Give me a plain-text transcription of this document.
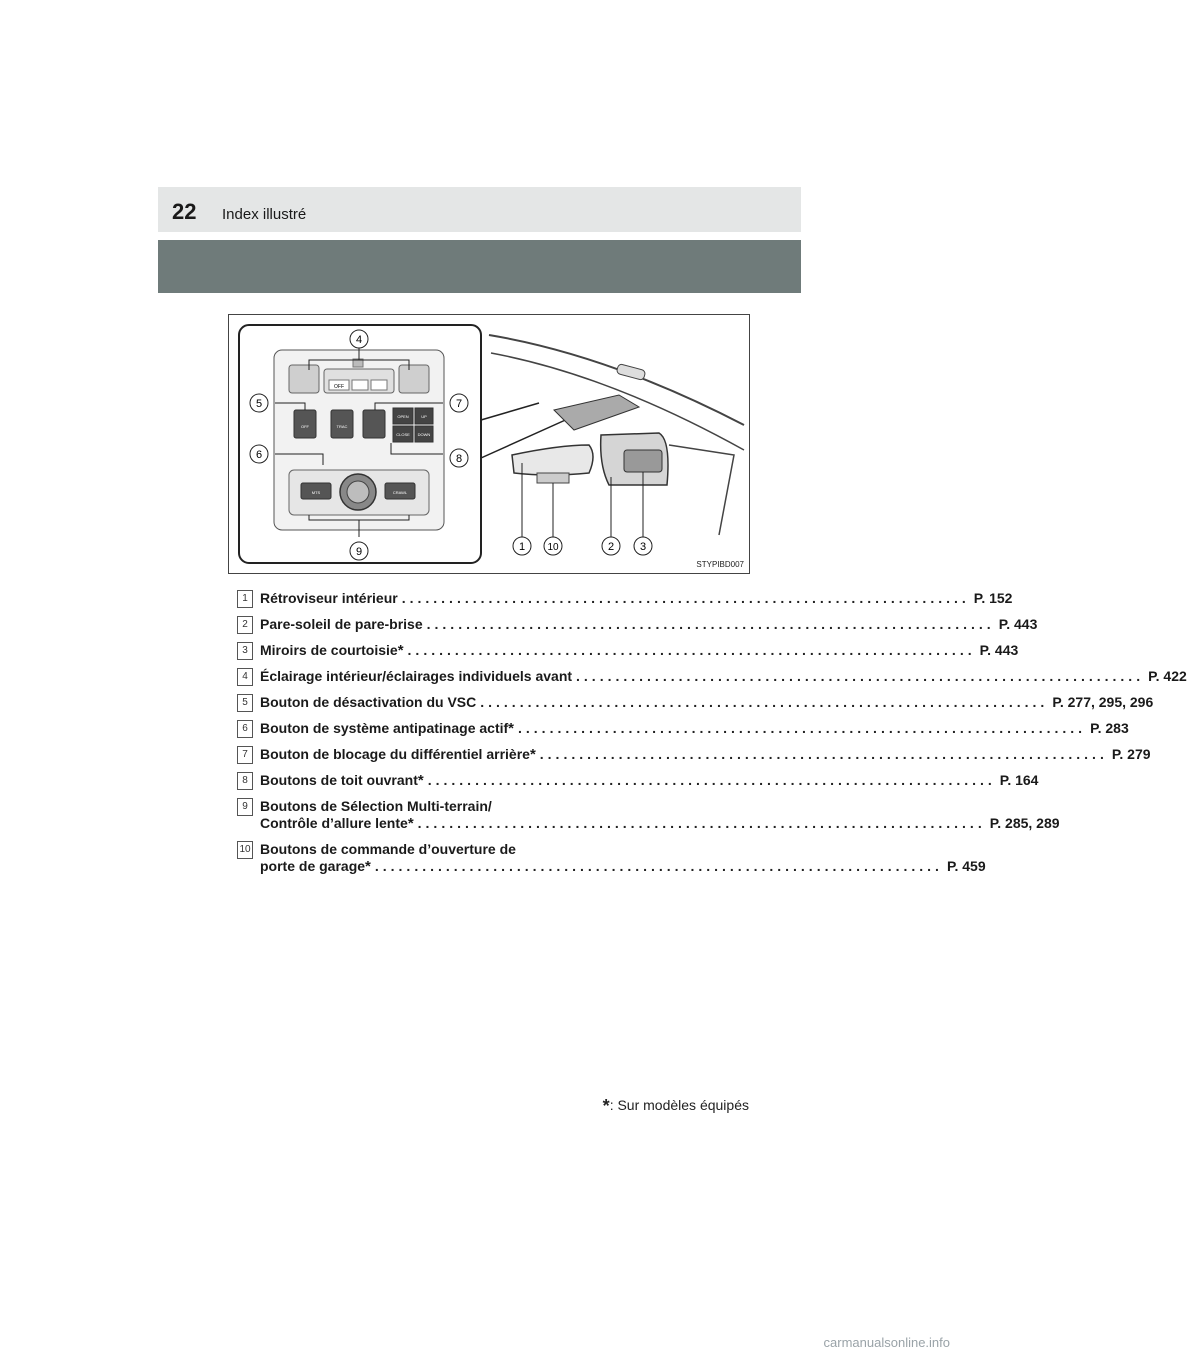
22 Index illustré
OFF
OFF	TRAC
OPEN	UP
CLOSE DOWN
MTS	CRAWL
4
5	7
6	8
9	1 10	2 3
STYPIBD007
1 Rétroviseur intérieur ........................................................................ P. 152
2 Pare-soleil de pare-brise ........................................................................ P. 443
3 Miroirs de courtoisie * ........................................................................ P. 443
4 Éclairage intérieur/éclairages individuels avant ........................................................................ P. 422
5 Bouton de désactivation du VSC ........................................................................ P. 277, 295, 296
6 Bouton de système antipatinage actif * ........................................................................ P. 283
7 Bouton de blocage du différentiel arrière * ........................................................................ P. 279
8 Boutons de toit ouvrant * ........................................................................ P. 164
9 Boutons de Sélection Multi-terrain/
Contrôle d’allure lente * ........................................................................ P. 285, 289
10 Boutons de commande d’ouverture de
porte de garage * ........................................................................ P. 459
*: Sur modèles équipés
carmanualsonline.info
